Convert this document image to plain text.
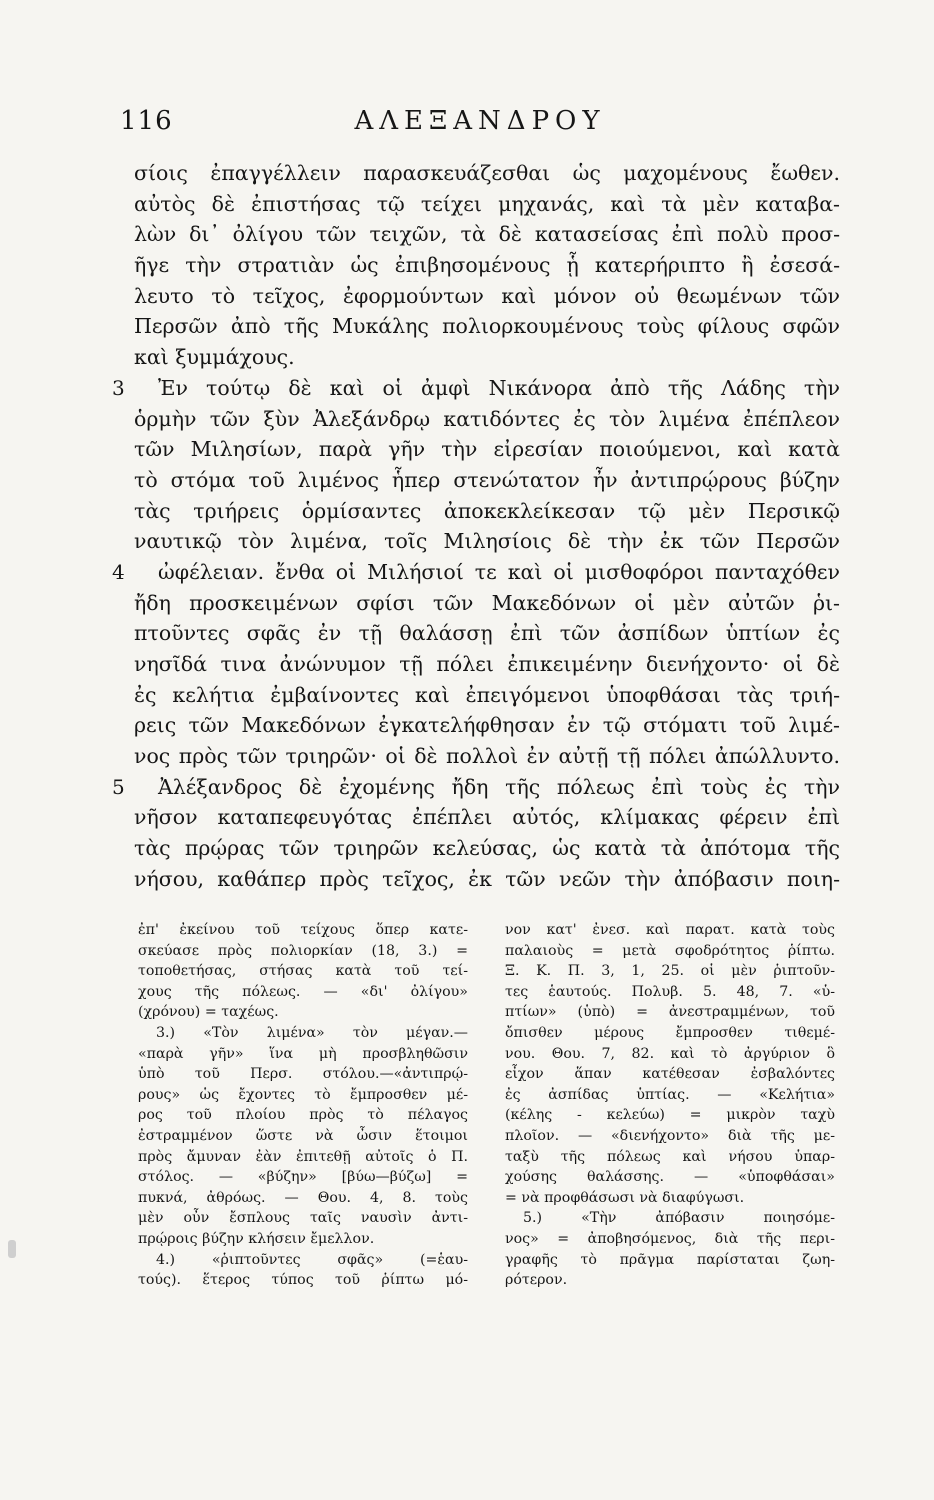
116	ΑΛΕΞΑΝΔΡΟΥ
σίοις ἐπαγγέλλειν παρασκευάζεσθαι ὡς μαχομένους ἔωθεν.
αὐτὸς δὲ ἐπιστήσας τῷ τείχει μηχανάς, καὶ τὰ μὲν καταβα-
λὼν δι᾽ ὀλίγου τῶν τειχῶν, τὰ δὲ κατασείσας ἐπὶ πολὺ προσ-
ῆγε τὴν στρατιὰν ὡς ἐπιβησομένους ᾗ κατερήριπτο ἢ ἐσεσά-
λευτο τὸ τεῖχος, ἐφορμούντων καὶ μόνον οὐ θεωμένων τῶν
Περσῶν ἀπὸ τῆς Μυκάλης πολιορκουμένους τοὺς φίλους σφῶν
καὶ ξυμμάχους.
3 Ἐν τούτῳ δὲ καὶ οἱ ἀμφὶ Νικάνορα ἀπὸ τῆς Λάδης τὴν
ὁρμὴν τῶν ξὺν Ἀλεξάνδρῳ κατιδόντες ἐς τὸν λιμένα ἐπέπλεον
τῶν Μιλησίων, παρὰ γῆν τὴν εἰρεσίαν ποιούμενοι, καὶ κατὰ
τὸ στόμα τοῦ λιμένος ἧπερ στενώτατον ἦν ἀντιπρῴρους βύζην
τὰς τριήρεις ὁρμίσαντες ἀποκεκλείκεσαν τῷ μὲν Περσικῷ
ναυτικῷ τὸν λιμένα, τοῖς Μιλησίοις δὲ τὴν ἐκ τῶν Περσῶν
4 ὠφέλειαν. ἔνθα οἱ Μιλήσιοί τε καὶ οἱ μισθοφόροι πανταχόθεν
ἤδη προσκειμένων σφίσι τῶν Μακεδόνων οἱ μὲν αὐτῶν ῥι-
πτοῦντες σφᾶς ἐν τῇ θαλάσσῃ ἐπὶ τῶν ἀσπίδων ὑπτίων ἐς
νησῖδά τινα ἀνώνυμον τῇ πόλει ἐπικειμένην διενήχοντο· οἱ δὲ
ἐς κελήτια ἐμβαίνοντες καὶ ἐπειγόμενοι ὑποφθάσαι τὰς τριή-
ρεις τῶν Μακεδόνων ἐγκατελήφθησαν ἐν τῷ στόματι τοῦ λιμέ-
νος πρὸς τῶν τριηρῶν· οἱ δὲ πολλοὶ ἐν αὐτῇ τῇ πόλει ἀπώλλυντο.
5 Ἀλέξανδρος δὲ ἐχομένης ἤδη τῆς πόλεως ἐπὶ τοὺς ἐς τὴν
νῆσον καταπεφευγότας ἐπέπλει αὐτός, κλίμακας φέρειν ἐπὶ
τὰς πρῴρας τῶν τριηρῶν κελεύσας, ὡς κατὰ τὰ ἀπότομα τῆς
νήσου, καθάπερ πρὸς τεῖχος, ἐκ τῶν νεῶν τὴν ἀπόβασιν ποιη-
ἐπ' ἐκείνου τοῦ τείχους ὅπερ κατε-
σκεύασε πρὸς πολιορκίαν (18, 3.) =
τοποθετήσας, στήσας κατὰ τοῦ τεί-
χους τῆς πόλεως. — «δι' ὀλίγου»
(χρόνου) = ταχέως.
3.) «Τὸν λιμένα» τὸν μέγαν.—
«παρὰ γῆν» ἵνα μὴ προσβληθῶσιν
ὑπὸ τοῦ Περσ. στόλου.—«ἀντιπρῴ-
ρους» ὡς ἔχοντες τὸ ἔμπροσθεν μέ-
ρος τοῦ πλοίου πρὸς τὸ πέλαγος
ἐστραμμένον ὥστε νὰ ὦσιν ἕτοιμοι
πρὸς ἄμυναν ἐὰν ἐπιτεθῇ αὐτοῖς ὁ Π.
στόλος. — «βύζην» [βύω—βύζω] =
πυκνά, ἀθρόως. — Θου. 4, 8. τοὺς
μὲν οὖν ἔσπλους ταῖς ναυσὶν ἀντι-
πρῴροις βύζην κλήσειν ἔμελλον.
4.) «ῥιπτοῦντες σφᾶς» (=ἑαυ-
τούς). ἕτερος τύπος τοῦ ῥίπτω μό-
νον κατ' ἐνεσ. καὶ παρατ. κατὰ τοὺς
παλαιοὺς = μετὰ σφοδρότητος ῥίπτω.
Ξ. Κ. Π. 3, 1, 25. οἱ μὲν ῥιπτοῦν-
τες ἑαυτούς. Πολυβ. 5. 48, 7. «ὑ-
πτίων» (ὑπὸ) = ἀνεστραμμένων, τοῦ
ὄπισθεν μέρους ἔμπροσθεν τιθεμέ-
νου. Θου. 7, 82. καὶ τὸ ἀργύριον ὃ
εἶχον ἅπαν κατέθεσαν ἐσβαλόντες
ἐς ἀσπίδας ὑπτίας. — «Κελήτια»
(κέλης - κελεύω) = μικρὸν ταχὺ
πλοῖον. — «διενήχοντο» διὰ τῆς με-
ταξὺ τῆς πόλεως καὶ νήσου ὑπαρ-
χούσης θαλάσσης. — «ὑποφθάσαι»
= νὰ προφθάσωσι νὰ διαφύγωσι.
5.) «Τὴν ἀπόβασιν ποιησόμε-
νος» = ἀποβησόμενος, διὰ τῆς περι-
γραφῆς τὸ πρᾶγμα παρίσταται ζωη-
ρότερον.
